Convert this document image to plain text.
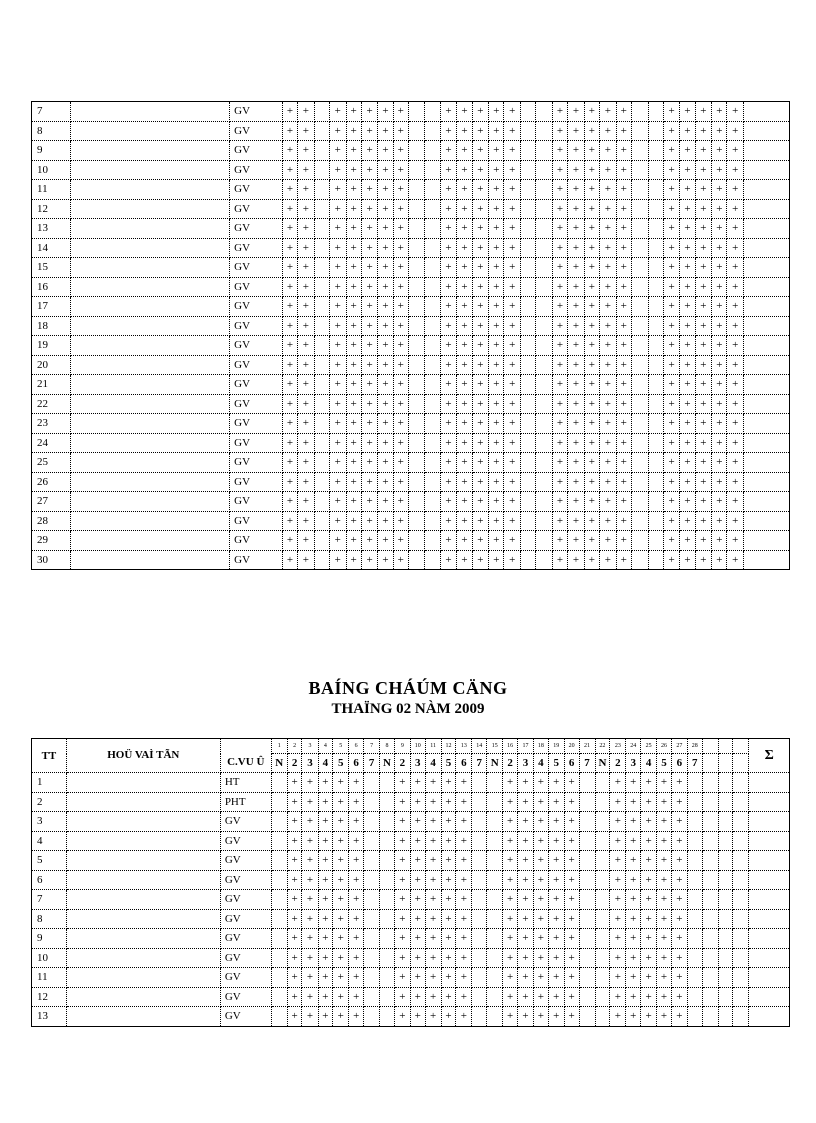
7		GV	+	+		+	+	+	+	+			+	+	+	+	+			+	+	+	+	+			+	+	+	+	+	
8		GV	+	+		+	+	+	+	+			+	+	+	+	+			+	+	+	+	+			+	+	+	+	+	
9		GV	+	+		+	+	+	+	+			+	+	+	+	+			+	+	+	+	+			+	+	+	+	+	
10		GV	+	+		+	+	+	+	+			+	+	+	+	+			+	+	+	+	+			+	+	+	+	+	
11		GV	+	+		+	+	+	+	+			+	+	+	+	+			+	+	+	+	+			+	+	+	+	+	
12		GV	+	+		+	+	+	+	+			+	+	+	+	+			+	+	+	+	+			+	+	+	+	+	
13		GV	+	+		+	+	+	+	+			+	+	+	+	+			+	+	+	+	+			+	+	+	+	+	
14		GV	+	+		+	+	+	+	+			+	+	+	+	+			+	+	+	+	+			+	+	+	+	+	
15		GV	+	+		+	+	+	+	+			+	+	+	+	+			+	+	+	+	+			+	+	+	+	+	
16		GV	+	+		+	+	+	+	+			+	+	+	+	+			+	+	+	+	+			+	+	+	+	+	
17		GV	+	+		+	+	+	+	+			+	+	+	+	+			+	+	+	+	+			+	+	+	+	+	
18		GV	+	+		+	+	+	+	+			+	+	+	+	+			+	+	+	+	+			+	+	+	+	+	
19		GV	+	+		+	+	+	+	+			+	+	+	+	+			+	+	+	+	+			+	+	+	+	+	
20		GV	+	+		+	+	+	+	+			+	+	+	+	+			+	+	+	+	+			+	+	+	+	+	
21		GV	+	+		+	+	+	+	+			+	+	+	+	+			+	+	+	+	+			+	+	+	+	+	
22		GV	+	+		+	+	+	+	+			+	+	+	+	+			+	+	+	+	+			+	+	+	+	+	
23		GV	+	+		+	+	+	+	+			+	+	+	+	+			+	+	+	+	+			+	+	+	+	+	
24		GV	+	+		+	+	+	+	+			+	+	+	+	+			+	+	+	+	+			+	+	+	+	+	
25		GV	+	+		+	+	+	+	+			+	+	+	+	+			+	+	+	+	+			+	+	+	+	+	
26		GV	+	+		+	+	+	+	+			+	+	+	+	+			+	+	+	+	+			+	+	+	+	+	
27		GV	+	+		+	+	+	+	+			+	+	+	+	+			+	+	+	+	+			+	+	+	+	+	
28		GV	+	+		+	+	+	+	+			+	+	+	+	+			+	+	+	+	+			+	+	+	+	+	
29		GV	+	+		+	+	+	+	+			+	+	+	+	+			+	+	+	+	+			+	+	+	+	+	
30		GV	+	+		+	+	+	+	+			+	+	+	+	+			+	+	+	+	+			+	+	+	+	+	
BAÍNG CHÁÚM CÄNG
THAÏNG 02 NÀM 2009
TT	HOÜ VAÌ TÃN	C.VU Û	1	2	3	4	5	6	7	8	9	10	11	12	13	14	15	16	17	18	19	20	21	22	23	24	25	26	27	28				Σ
			N	2	3	4	5	6	7	N	2	3	4	5	6	7	N	2	3	4	5	6	7	N	2	3	4	5	6	7				
1		HT		+	+	+	+	+			+	+	+	+	+			+	+	+	+	+			+	+	+	+	+					
2		PHT		+	+	+	+	+			+	+	+	+	+			+	+	+	+	+			+	+	+	+	+					
3		GV		+	+	+	+	+			+	+	+	+	+			+	+	+	+	+			+	+	+	+	+					
4		GV		+	+	+	+	+			+	+	+	+	+			+	+	+	+	+			+	+	+	+	+					
5		GV		+	+	+	+	+			+	+	+	+	+			+	+	+	+	+			+	+	+	+	+					
6		GV		+	+	+	+	+			+	+	+	+	+			+	+	+	+	+			+	+	+	+	+					
7		GV		+	+	+	+	+			+	+	+	+	+			+	+	+	+	+			+	+	+	+	+					
8		GV		+	+	+	+	+			+	+	+	+	+			+	+	+	+	+			+	+	+	+	+					
9		GV		+	+	+	+	+			+	+	+	+	+			+	+	+	+	+			+	+	+	+	+					
10		GV		+	+	+	+	+			+	+	+	+	+			+	+	+	+	+			+	+	+	+	+					
11		GV		+	+	+	+	+			+	+	+	+	+			+	+	+	+	+			+	+	+	+	+					
12		GV		+	+	+	+	+			+	+	+	+	+			+	+	+	+	+			+	+	+	+	+					
13		GV		+	+	+	+	+			+	+	+	+	+			+	+	+	+	+			+	+	+	+	+					
